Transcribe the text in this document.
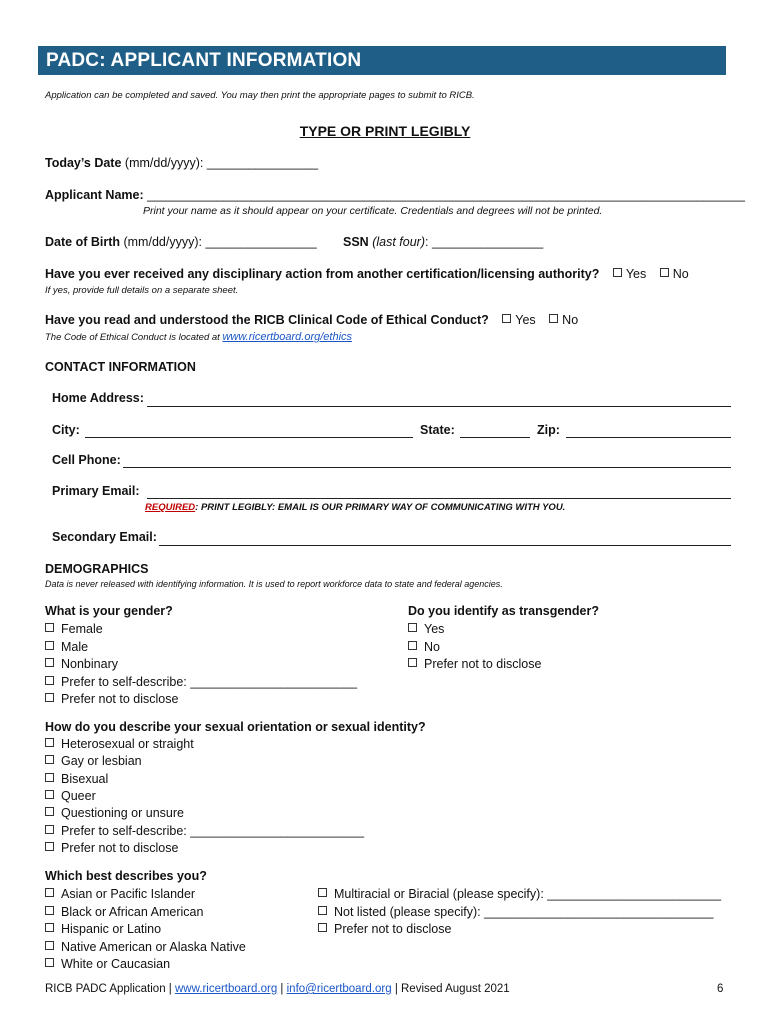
PADC: APPLICANT INFORMATION
Application can be completed and saved. You may then print the appropriate pages to submit to RICB.
TYPE OR PRINT LEGIBLY
Today’s Date (mm/dd/yyyy): ________________
Applicant Name: ______________________________________________________________________________________
Print your name as it should appear on your certificate. Credentials and degrees will not be printed.
Date of Birth (mm/dd/yyyy): ________________ SSN (last four): ________________
Have you ever received any disciplinary action from another certification/licensing authority? Yes No
If yes, provide full details on a separate sheet.
Have you read and understood the RICB Clinical Code of Ethical Conduct? Yes No
The Code of Ethical Conduct is located at www.ricertboard.org/ethics
CONTACT INFORMATION
Home Address:
City:	State:	Zip:
Cell Phone:
Primary Email:
REQUIRED: PRINT LEGIBLY: EMAIL IS OUR PRIMARY WAY OF COMMUNICATING WITH YOU.
Secondary Email:
DEMOGRAPHICS
Data is never released with identifying information. It is used to report workforce data to state and federal agencies.
What is your gender?
Female
Male
Nonbinary
Prefer to self-describe: ________________________
Prefer not to disclose
Do you identify as transgender?
Yes
No
Prefer not to disclose
How do you describe your sexual orientation or sexual identity?
Heterosexual or straight
Gay or lesbian
Bisexual
Queer
Questioning or unsure
Prefer to self-describe: _________________________
Prefer not to disclose
Which best describes you?
Asian or Pacific Islander
Black or African American
Hispanic or Latino
Native American or Alaska Native
White or Caucasian
Multiracial or Biracial (please specify): _________________________
Not listed (please specify): _________________________________
Prefer not to disclose
RICB PADC Application | www.ricertboard.org | info@ricertboard.org | Revised August 2021	6
